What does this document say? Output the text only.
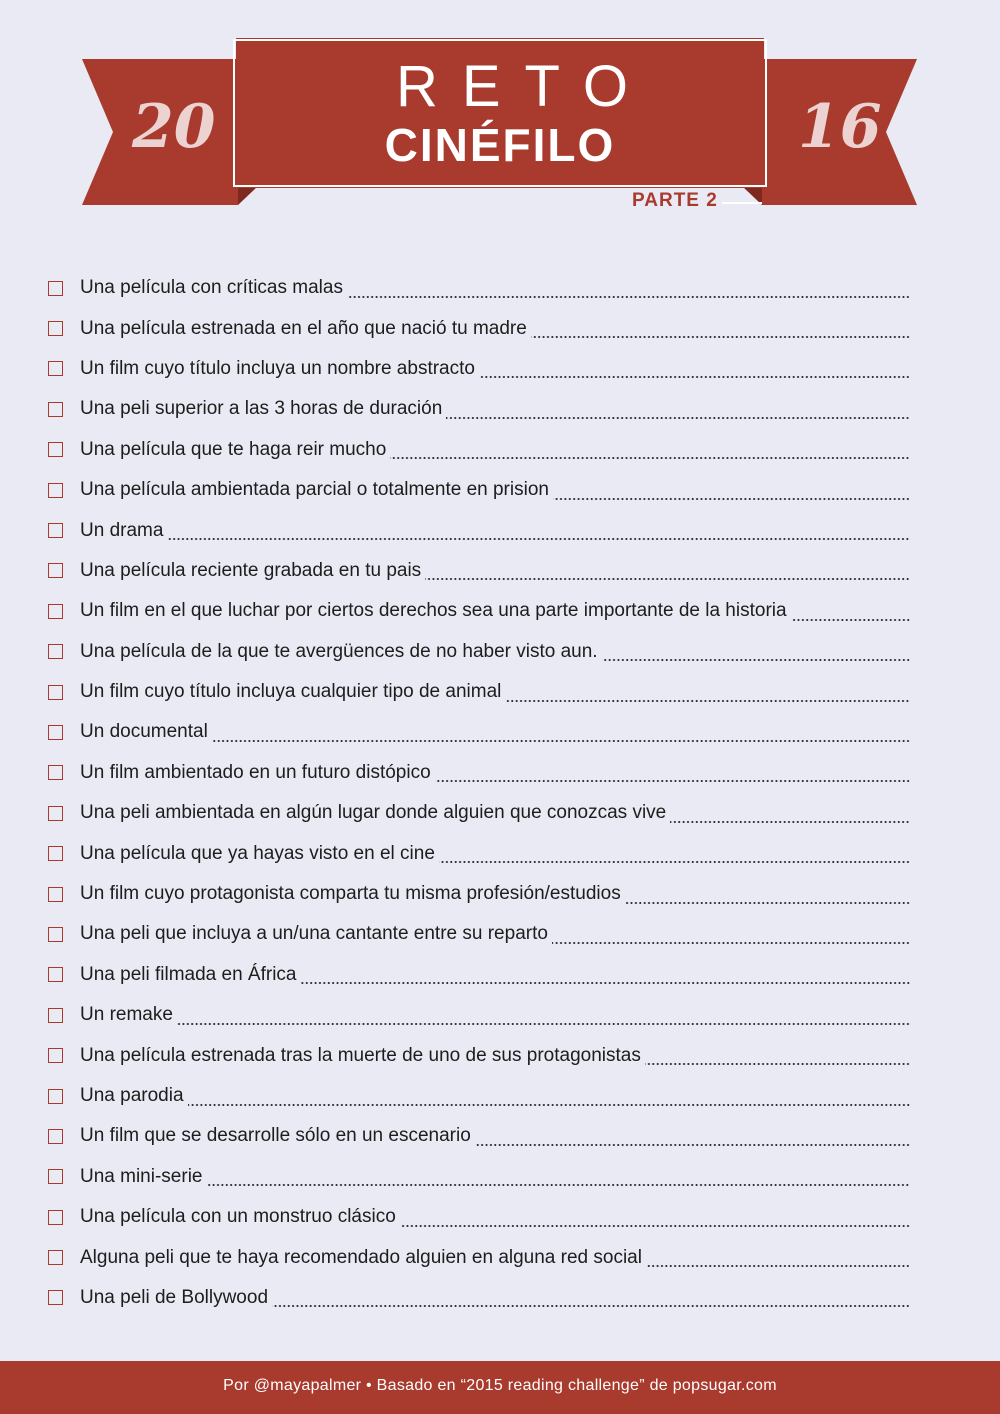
RETO
CINÉFILO
20	16
PARTE 2
Una película con críticas malas
Una película estrenada en el año que nació tu madre
Un film cuyo título incluya un nombre abstracto
Una peli superior a las 3 horas de duración
Una película que te haga reir mucho
Una película ambientada parcial o totalmente en prision
Un drama
Una película reciente grabada en tu pais
Un film en el que luchar por ciertos derechos sea una parte importante de la historia
Una película de la que te avergüences de no haber visto aun.
Un film cuyo título incluya cualquier tipo de animal
Un documental
Un film ambientado en un futuro distópico
Una peli ambientada en algún lugar donde alguien que conozcas vive
Una película que ya hayas visto en el cine
Un film cuyo protagonista comparta tu misma profesión/estudios
Una peli que incluya a un/una cantante entre su reparto
Una peli filmada en África
Un remake
Una película estrenada tras la muerte de uno de sus protagonistas
Una parodia
Un film que se desarrolle sólo en un escenario
Una mini-serie
Una película con un monstruo clásico
Alguna peli que te haya recomendado alguien en alguna red social
Una peli de Bollywood
Por @mayapalmer • Basado en “2015 reading challenge” de popsugar.com
